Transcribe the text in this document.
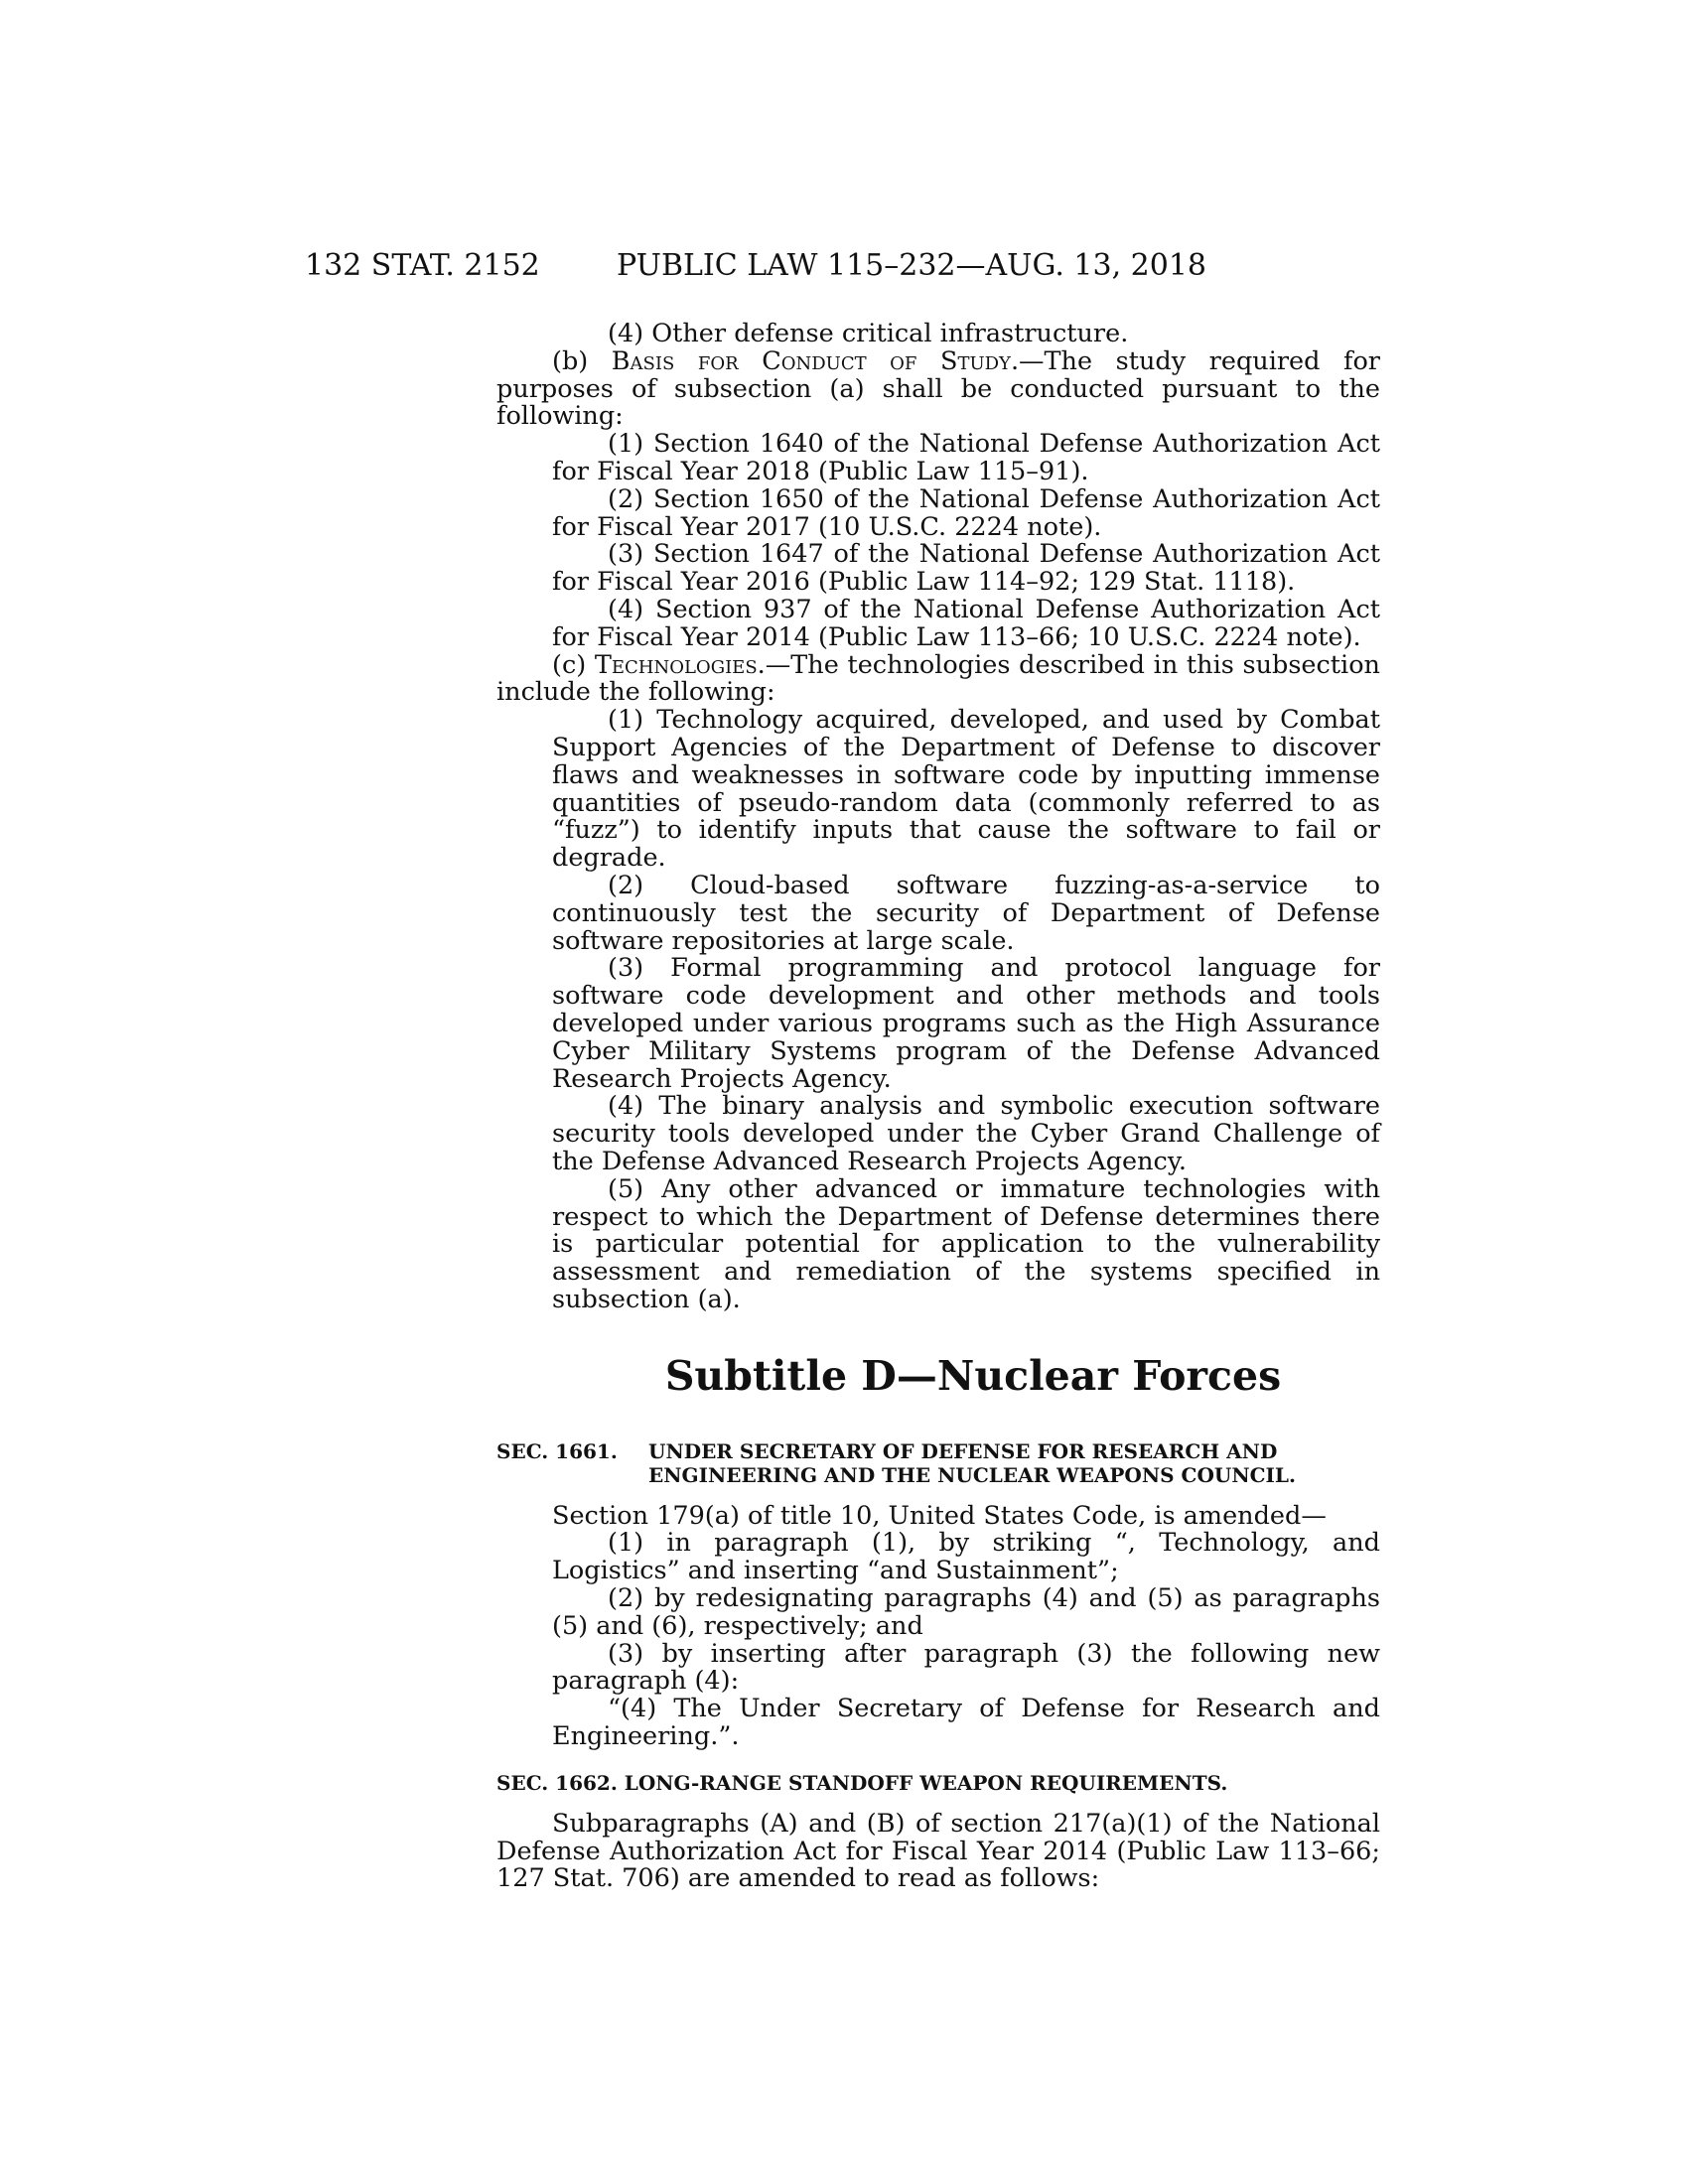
132 STAT. 2152	PUBLIC LAW 115–232—AUG. 13, 2018

(4) Other defense critical infrastructure.

(b) Basis for Conduct of Study.—The study required for purposes of subsection (a) shall be conducted pursuant to the following:

(1) Section 1640 of the National Defense Authorization Act for Fiscal Year 2018 (Public Law 115–91).

(2) Section 1650 of the National Defense Authorization Act for Fiscal Year 2017 (10 U.S.C. 2224 note).

(3) Section 1647 of the National Defense Authorization Act for Fiscal Year 2016 (Public Law 114–92; 129 Stat. 1118).

(4) Section 937 of the National Defense Authorization Act for Fiscal Year 2014 (Public Law 113–66; 10 U.S.C. 2224 note).

(c) Technologies.—The technologies described in this subsection include the following:

(1) Technology acquired, developed, and used by Combat Support Agencies of the Department of Defense to discover flaws and weaknesses in software code by inputting immense quantities of pseudo-random data (commonly referred to as “fuzz”) to identify inputs that cause the software to fail or degrade.

(2) Cloud-based software fuzzing-as-a-service to continuously test the security of Department of Defense software repositories at large scale.

(3) Formal programming and protocol language for software code development and other methods and tools developed under various programs such as the High Assurance Cyber Military Systems program of the Defense Advanced Research Projects Agency.

(4) The binary analysis and symbolic execution software security tools developed under the Cyber Grand Challenge of the Defense Advanced Research Projects Agency.

(5) Any other advanced or immature technologies with respect to which the Department of Defense determines there is particular potential for application to the vulnerability assessment and remediation of the systems specified in subsection (a).

Subtitle D—Nuclear Forces
SEC. 1661. UNDER SECRETARY OF DEFENSE FOR RESEARCH AND ENGINEERING AND THE NUCLEAR WEAPONS COUNCIL.

Section 179(a) of title 10, United States Code, is amended—

(1) in paragraph (1), by striking “, Technology, and Logistics” and inserting “and Sustainment”;

(2) by redesignating paragraphs (4) and (5) as paragraphs (5) and (6), respectively; and

(3) by inserting after paragraph (3) the following new paragraph (4):

“(4) The Under Secretary of Defense for Research and Engineering.”.

SEC. 1662. LONG-RANGE STANDOFF WEAPON REQUIREMENTS.

Subparagraphs (A) and (B) of section 217(a)(1) of the National Defense Authorization Act for Fiscal Year 2014 (Public Law 113–66; 127 Stat. 706) are amended to read as follows:
